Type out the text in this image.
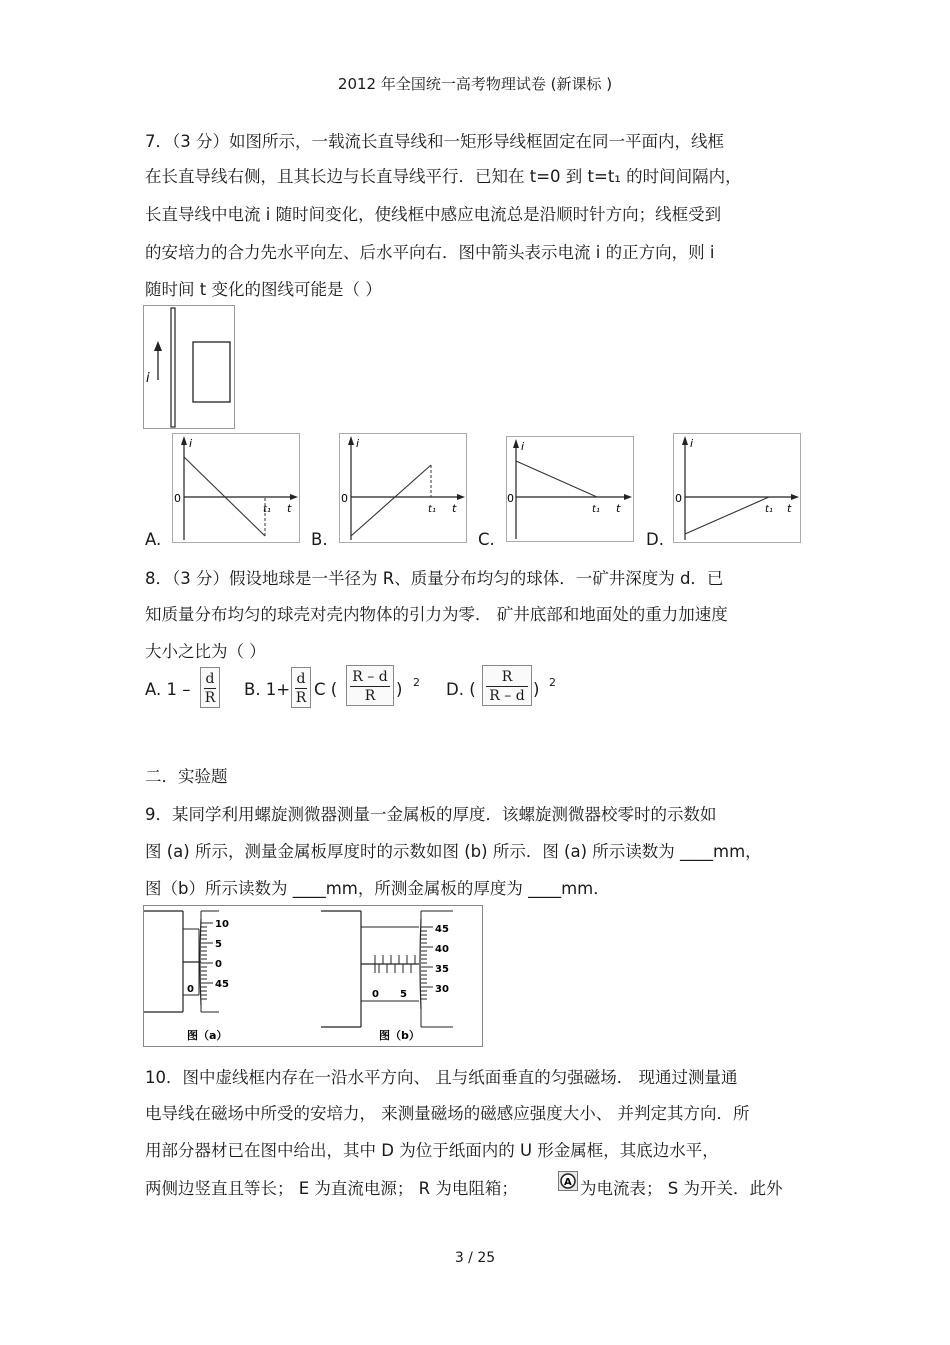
2012 年全国统一高考物理试卷 (新课标 )
7．（3 分）如图所示，一载流长直导线和一矩形导线框固定在同一平面内，线框
在长直导线右侧，且其长边与长直导线平行．已知在 t=0 到 t=t₁ 的时间间隔内，
长直导线中电流 i 随时间变化，使线框中感应电流总是沿顺时针方向；线框受到
的安培力的合力先水平向左、后水平向右．图中箭头表示电流 i 的正方向，则 i
随时间 t 变化的图线可能是（ ）
i
i
0
t
t₁
A.
i
0
t
t₁
B.
i
0
t
t₁
C.
i
0
t
t₁
D.
8．（3 分）假设地球是一半径为 R、质量分布均匀的球体．一矿井深度为 d．已
知质量分布均匀的球壳对壳内物体的引力为零． 矿井底部和地面处的重力加速度
大小之比为（ ）
A. $1 - \frac{d}{R} B$. $1+ \frac{d}{R}$ C ( $\frac{R - d}{R}$ ) 2 D. ( $\frac{R}{R - d}$ ) 2
二．实验题
9．某同学利用螺旋测微器测量一金属板的厚度．该螺旋测微器校零时的示数如
图 (a) 所示，测量金属板厚度时的示数如图 (b) 所示．图 (a) 所示读数为 ____mm，
图（b）所示读数为 ____mm，所测金属板的厚度为 ____mm．
10
5
0
45
0
图（a）
0 5
45
40
35
30
图（b）
10．图中虚线框内存在一沿水平方向、 且与纸面垂直的匀强磁场． 现通过测量通
电导线在磁场中所受的安培力， 来测量磁场的磁感应强度大小、 并判定其方向．所
用部分器材已在图中给出，其中 D 为位于纸面内的 U 形金属框，其底边水平，
两侧边竖直且等长； E 为直流电源； R 为电阻箱；	A 为电流表； S 为开关．此外
3 / 25
